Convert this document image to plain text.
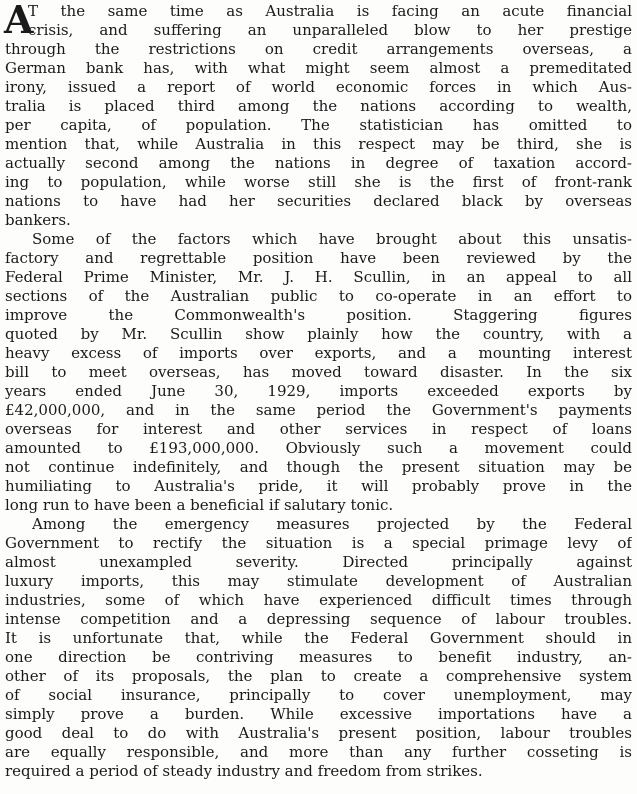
A
T the same time as Australia is facing an acute financial
crisis, and suffering an unparalleled blow to her prestige
through the restrictions on credit arrangements overseas, a
German bank has, with what might seem almost a premeditated
irony, issued a report of world economic forces in which Aus-
tralia is placed third among the nations according to wealth,
per capita, of population. The statistician has omitted to
mention that, while Australia in this respect may be third, she is
actually second among the nations in degree of taxation accord-
ing to population, while worse still she is the first of front-rank
nations to have had her securities declared black by overseas
bankers.
Some of the factors which have brought about this unsatis-
factory and regrettable position have been reviewed by the
Federal Prime Minister, Mr. J. H. Scullin, in an appeal to all
sections of the Australian public to co-operate in an effort to
improve the Commonwealth's position. Staggering figures
quoted by Mr. Scullin show plainly how the country, with a
heavy excess of imports over exports, and a mounting interest
bill to meet overseas, has moved toward disaster. In the six
years ended June 30, 1929, imports exceeded exports by
£42,000,000, and in the same period the Government's payments
overseas for interest and other services in respect of loans
amounted to £193,000,000. Obviously such a movement could
not continue indefinitely, and though the present situation may be
humiliating to Australia's pride, it will probably prove in the
long run to have been a beneficial if salutary tonic.
Among the emergency measures projected by the Federal
Government to rectify the situation is a special primage levy of
almost unexampled severity. Directed principally against
luxury imports, this may stimulate development of Australian
industries, some of which have experienced difficult times through
intense competition and a depressing sequence of labour troubles.
It is unfortunate that, while the Federal Government should in
one direction be contriving measures to benefit industry, an-
other of its proposals, the plan to create a comprehensive system
of social insurance, principally to cover unemployment, may
simply prove a burden. While excessive importations have a
good deal to do with Australia's present position, labour troubles
are equally responsible, and more than any further cosseting is
required a period of steady industry and freedom from strikes.
